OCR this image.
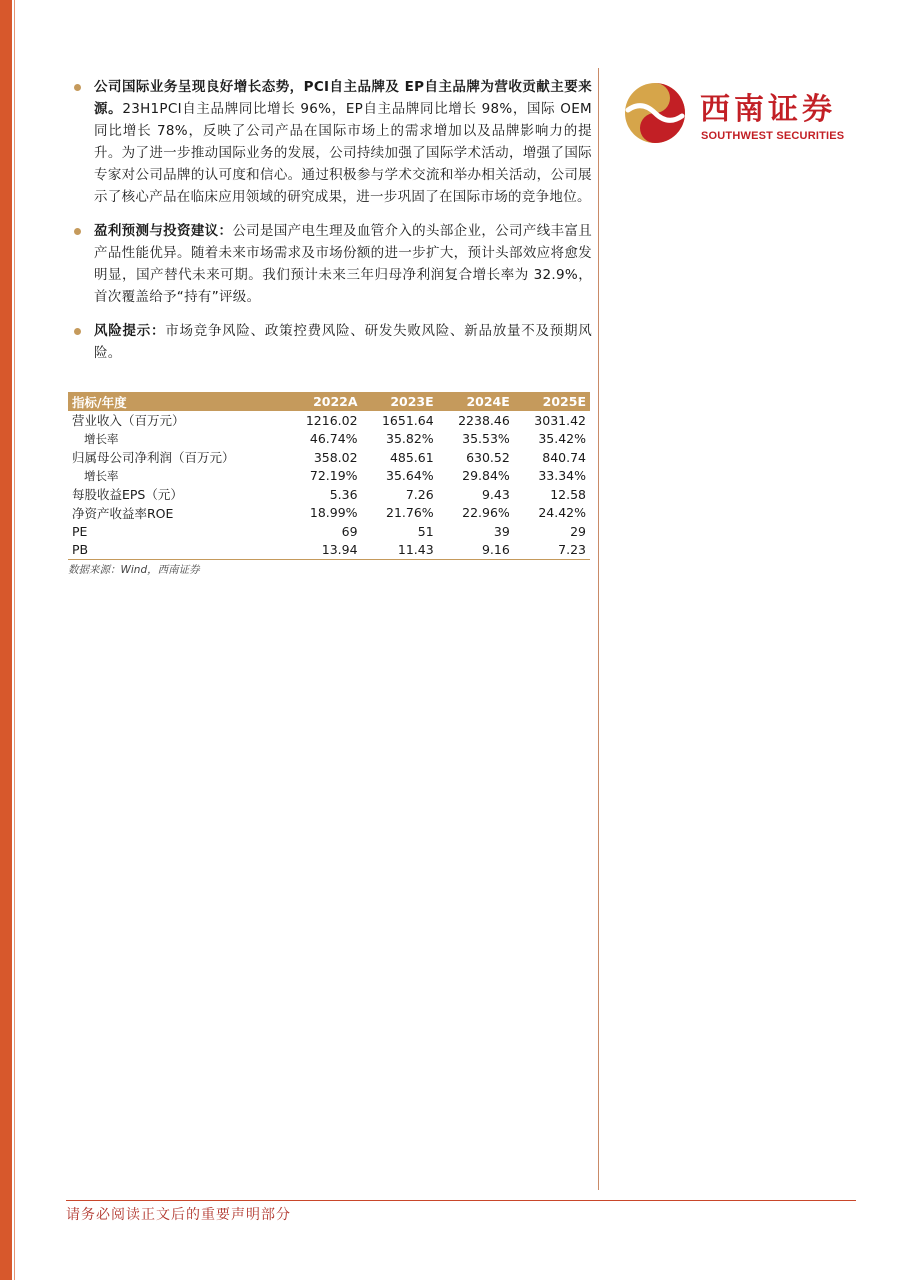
西南证券
SOUTHWEST SECURITIES
公司国际业务呈现良好增长态势，PCI自主品牌及 EP自主品牌为营收贡献主要来源。23H1PCI自主品牌同比增长 96%，EP自主品牌同比增长 98%，国际 OEM同比增长 78%，反映了公司产品在国际市场上的需求增加以及品牌影响力的提升。为了进一步推动国际业务的发展，公司持续加强了国际学术活动，增强了国际专家对公司品牌的认可度和信心。通过积极参与学术交流和举办相关活动，公司展示了核心产品在临床应用领域的研究成果，进一步巩固了在国际市场的竞争地位。
盈利预测与投资建议：公司是国产电生理及血管介入的头部企业，公司产线丰富且产品性能优异。随着未来市场需求及市场份额的进一步扩大，预计头部效应将愈发明显，国产替代未来可期。我们预计未来三年归母净利润复合增长率为 32.9%，首次覆盖给予“持有”评级。
风险提示：市场竞争风险、政策控费风险、研发失败风险、新品放量不及预期风险。
指标/年度	2022A	2023E	2024E	2025E
营业收入（百万元）	1216.02	1651.64	2238.46	3031.42
增长率	46.74%	35.82%	35.53%	35.42%
归属母公司净利润（百万元）	358.02	485.61	630.52	840.74
增长率	72.19%	35.64%	29.84%	33.34%
每股收益EPS（元）	5.36	7.26	9.43	12.58
净资产收益率ROE	18.99%	21.76%	22.96%	24.42%
PE	69	51	39	29
PB	13.94	11.43	9.16	7.23
数据来源：Wind，西南证券
请务必阅读正文后的重要声明部分
